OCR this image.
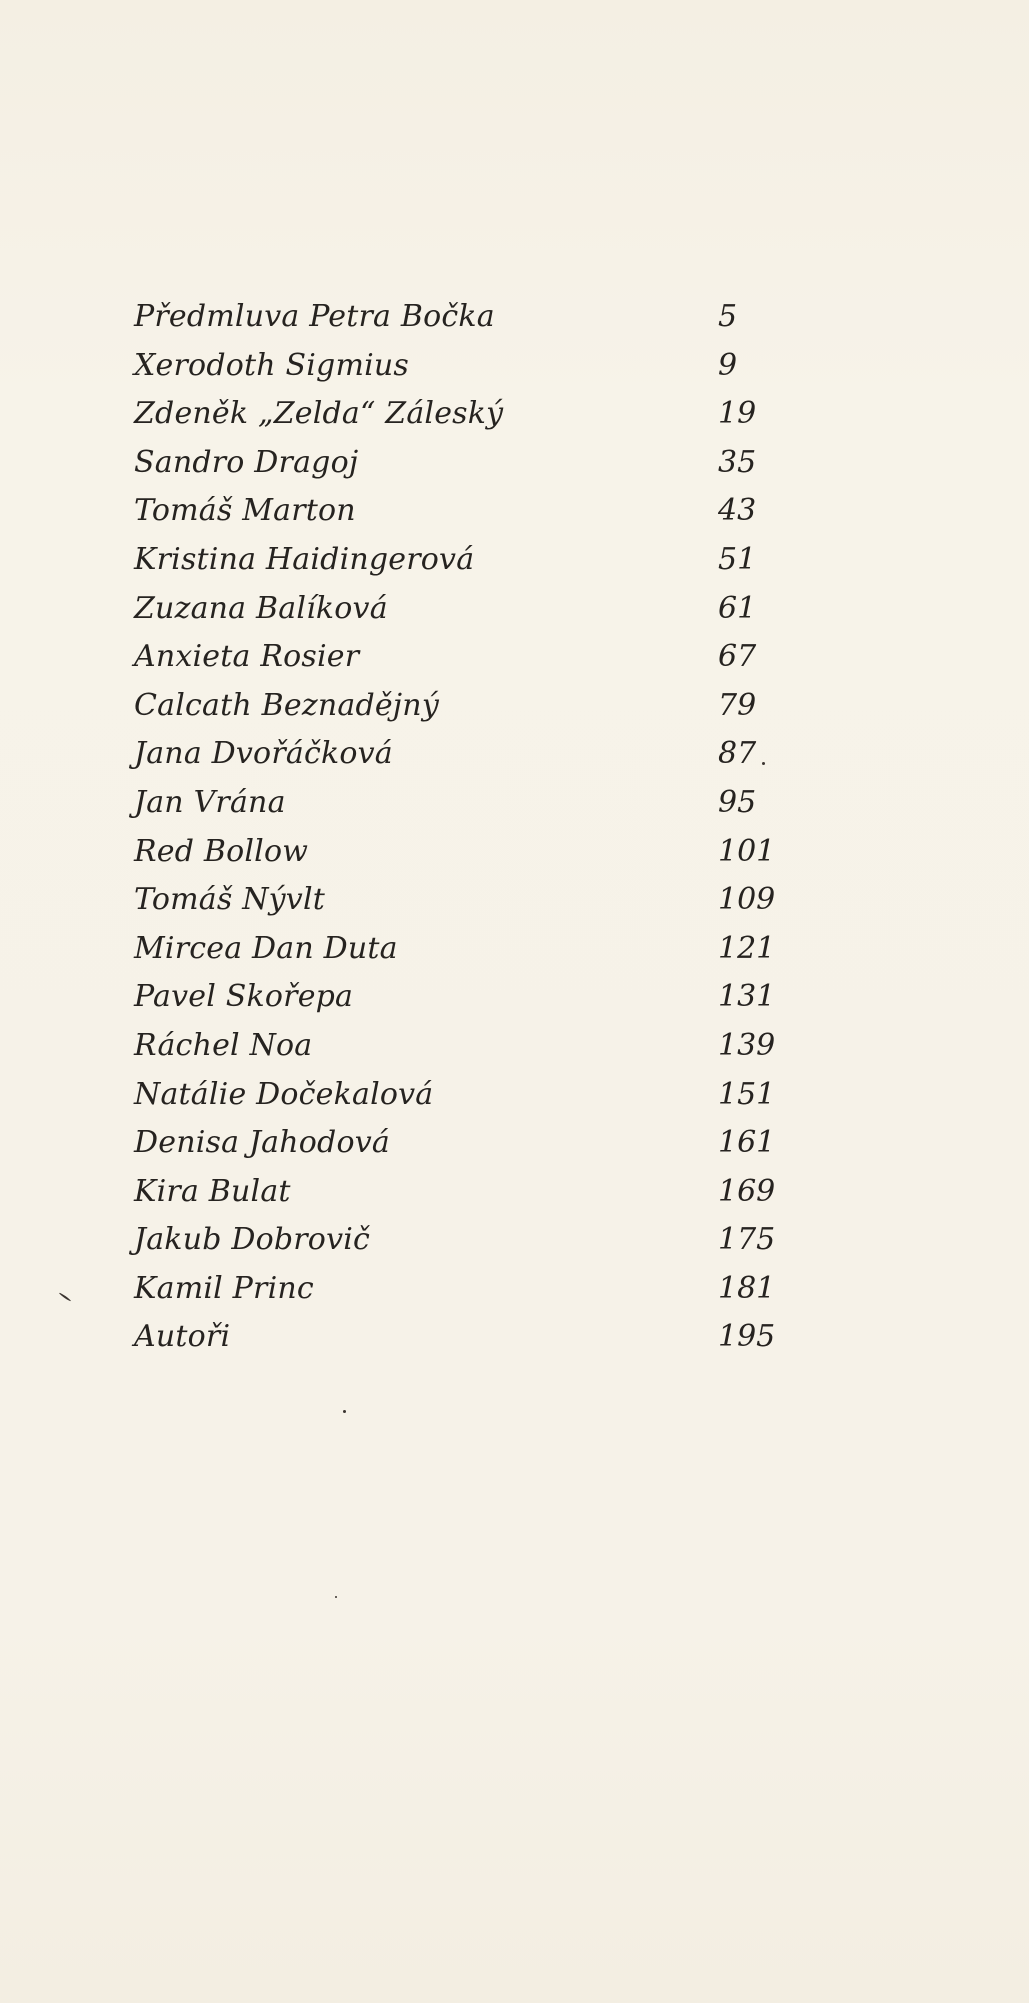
Předmluva Petra Bočka	5
Xerodoth Sigmius	9
Zdeněk „Zelda“ Záleský	19
Sandro Dragoj	35
Tomáš Marton	43
Kristina Haidingerová	51
Zuzana Balíková	61
Anxieta Rosier	67
Calcath Beznadějný	79
Jana Dvořáčková	87
Jan Vrána	95
Red Bollow	101
Tomáš Nývlt	109
Mircea Dan Duta	121
Pavel Skořepa	131
Ráchel Noa	139
Natálie Dočekalová	151
Denisa Jahodová	161
Kira Bulat	169
Jakub Dobrovič	175
Kamil Princ	181
Autoři	195
